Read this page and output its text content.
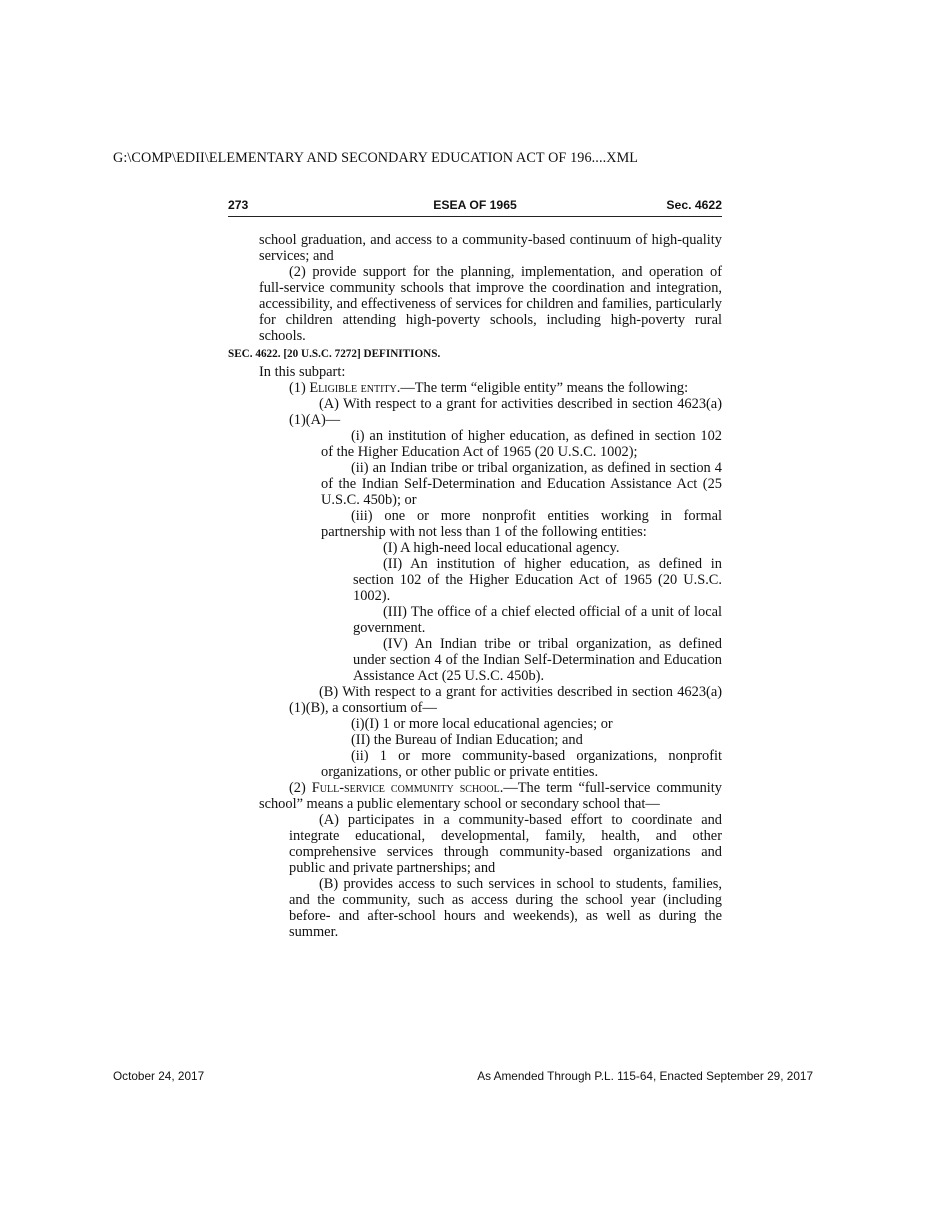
G:\COMP\EDII\ELEMENTARY AND SECONDARY EDUCATION ACT OF 196....XML
273	ESEA OF 1965	Sec. 4622

school graduation, and access to a community-based continuum of high-quality services; and

(2) provide support for the planning, implementation, and operation of full-service community schools that improve the coordination and integration, accessibility, and effectiveness of services for children and families, particularly for children attending high-poverty schools, including high-poverty rural schools.

SEC. 4622. [20 U.S.C. 7272] DEFINITIONS.

In this subpart:

(1) Eligible entity.—The term “eligible entity” means the following:

(A) With respect to a grant for activities described in section 4623(a)(1)(A)—

(i) an institution of higher education, as defined in section 102 of the Higher Education Act of 1965 (20 U.S.C. 1002);

(ii) an Indian tribe or tribal organization, as defined in section 4 of the Indian Self-Determination and Education Assistance Act (25 U.S.C. 450b); or

(iii) one or more nonprofit entities working in formal partnership with not less than 1 of the following entities:

(I) A high-need local educational agency.

(II) An institution of higher education, as defined in section 102 of the Higher Education Act of 1965 (20 U.S.C. 1002).

(III) The office of a chief elected official of a unit of local government.

(IV) An Indian tribe or tribal organization, as defined under section 4 of the Indian Self-Determination and Education Assistance Act (25 U.S.C. 450b).

(B) With respect to a grant for activities described in section 4623(a)(1)(B), a consortium of—

(i)(I) 1 or more local educational agencies; or

(II) the Bureau of Indian Education; and

(ii) 1 or more community-based organizations, nonprofit organizations, or other public or private entities.

(2) Full-service community school.—The term “full-service community school” means a public elementary school or secondary school that—

(A) participates in a community-based effort to coordinate and integrate educational, developmental, family, health, and other comprehensive services through community-based organizations and public and private partnerships; and

(B) provides access to such services in school to students, families, and the community, such as access during the school year (including before- and after-school hours and weekends), as well as during the summer.

October 24, 2017	As Amended Through P.L. 115-64, Enacted September 29, 2017
